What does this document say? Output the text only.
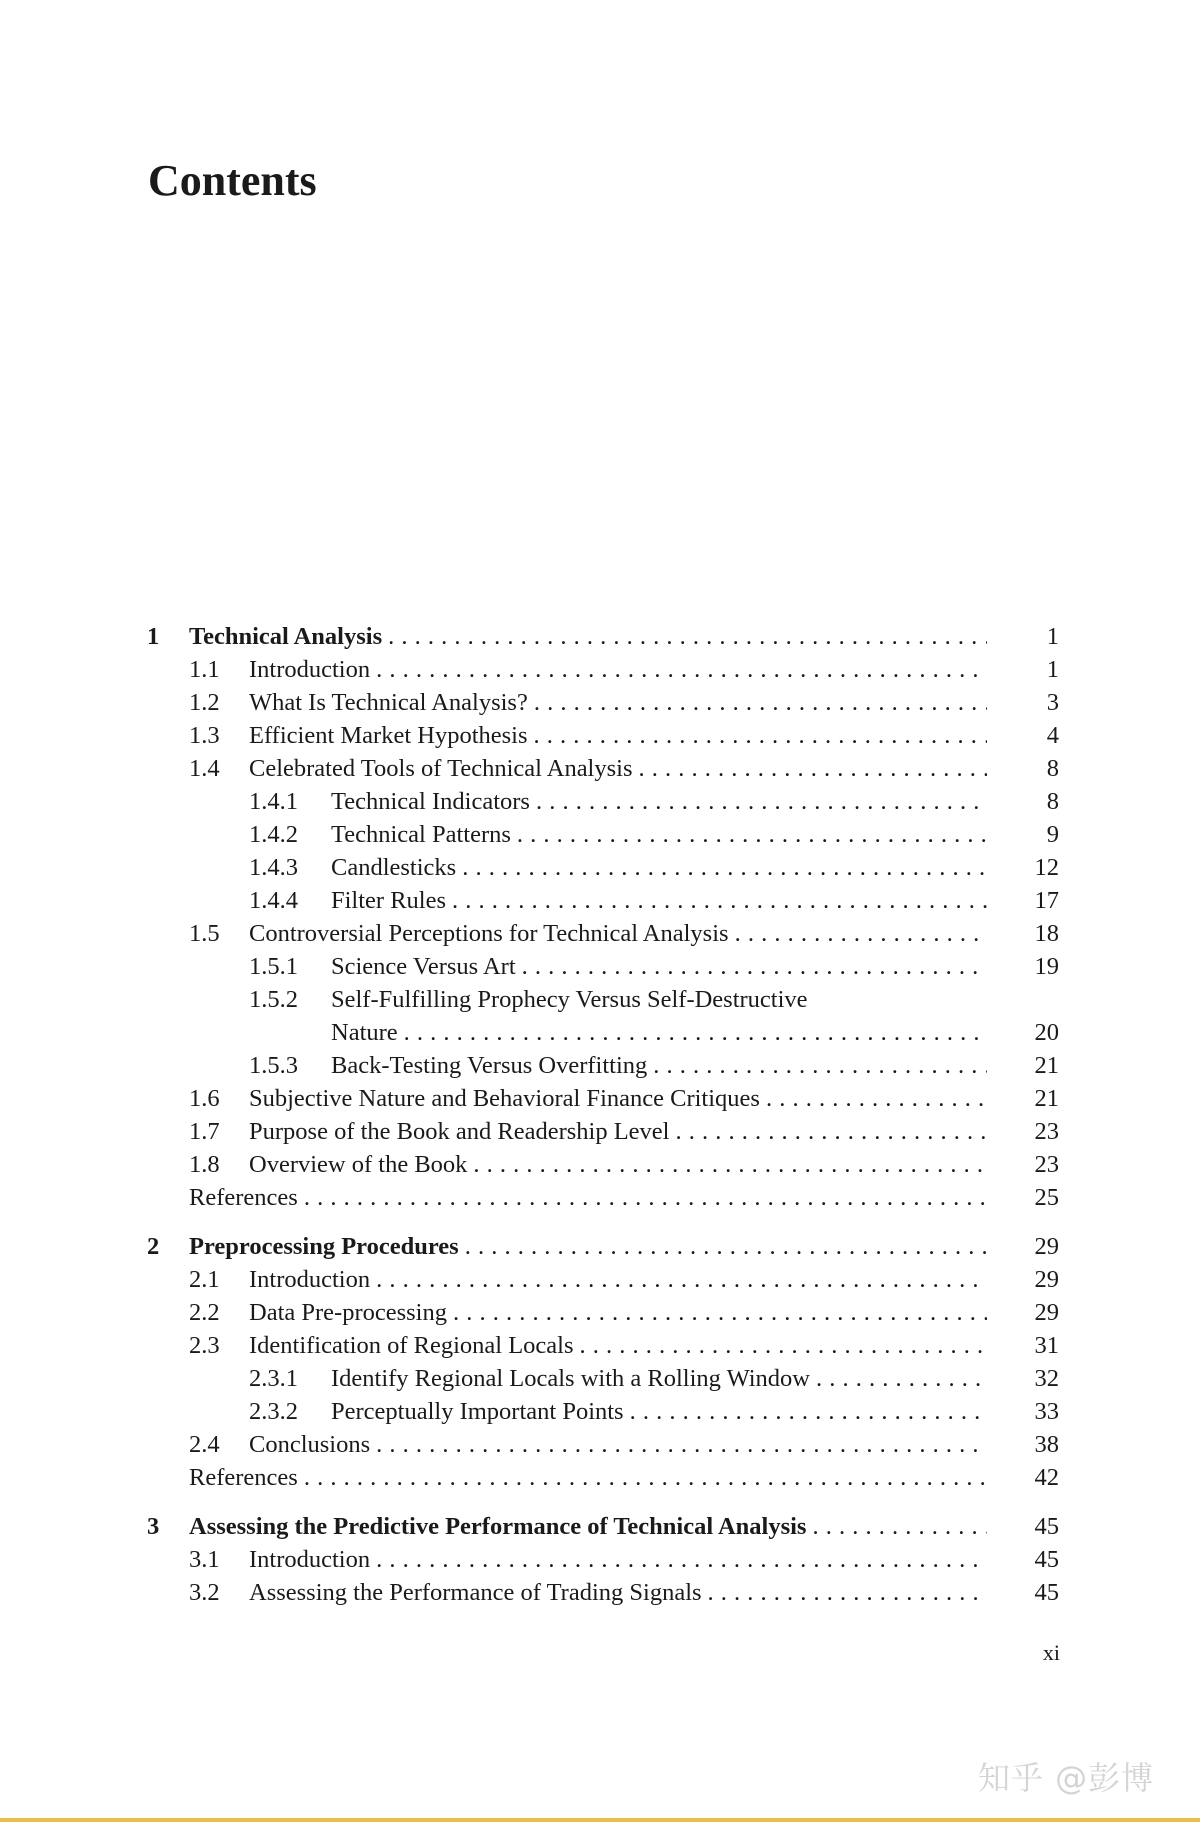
Contents
1	Technical Analysis . . .	1
1.1	Introduction . . .	1
1.2	What Is Technical Analysis? . . .	3
1.3	Efficient Market Hypothesis . . .	4
1.4	Celebrated Tools of Technical Analysis . . .	8
1.4.1	Technical Indicators . . .	8
1.4.2	Technical Patterns . . .	9
1.4.3	Candlesticks . . .	12
1.4.4	Filter Rules . . .	17
1.5	Controversial Perceptions for Technical Analysis . . .	18
1.5.1	Science Versus Art . . .	19
1.5.2	Self-Fulfilling Prophecy Versus Self-Destructive
Nature . . .	20
1.5.3	Back-Testing Versus Overfitting . . .	21
1.6	Subjective Nature and Behavioral Finance Critiques . . .	21
1.7	Purpose of the Book and Readership Level . . .	23
1.8	Overview of the Book . . .	23
References . . .	25
2	Preprocessing Procedures . . .	29
2.1	Introduction . . .	29
2.2	Data Pre-processing . . .	29
2.3	Identification of Regional Locals . . .	31
2.3.1	Identify Regional Locals with a Rolling Window . . .	32
2.3.2	Perceptually Important Points . . .	33
2.4	Conclusions . . .	38
References . . .	42
3	Assessing the Predictive Performance of Technical Analysis . . .	45
3.1	Introduction . . .	45
3.2	Assessing the Performance of Trading Signals . . .	45
xi
知乎 @彭博
